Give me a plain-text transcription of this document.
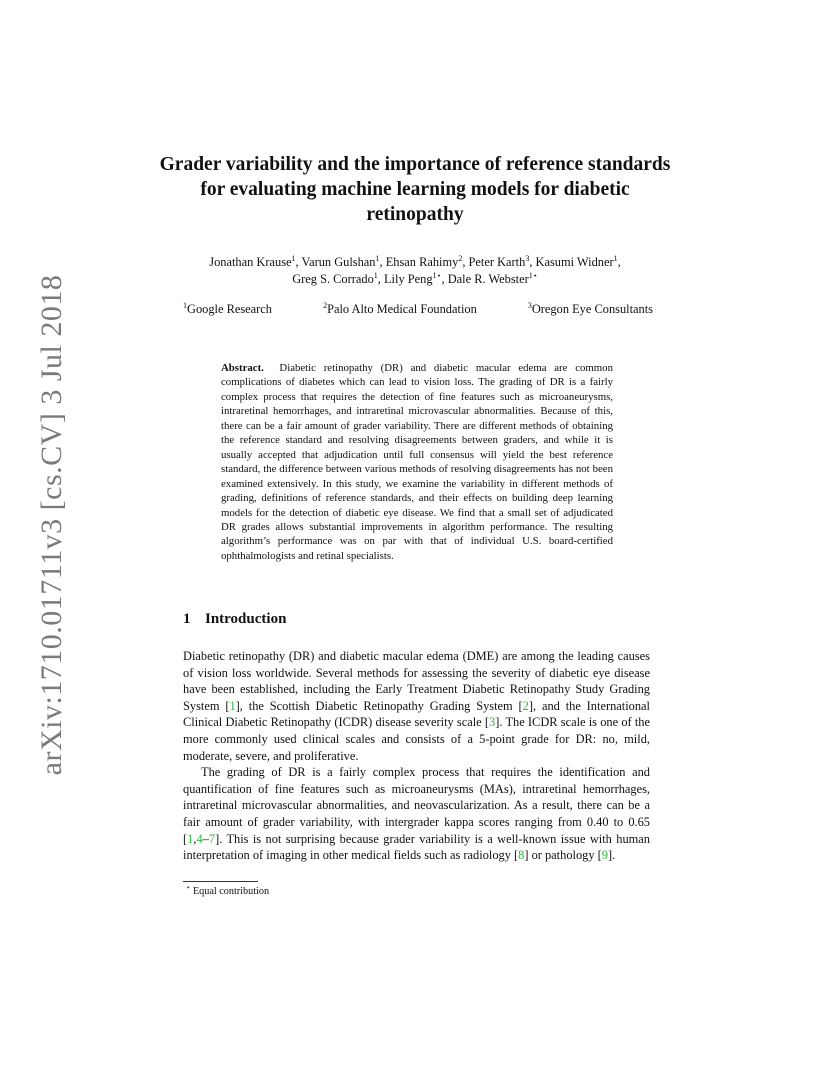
arXiv:1710.01711v3 [cs.CV] 3 Jul 2018
Grader variability and the importance of reference standards for evaluating machine learning models for diabetic retinopathy
Jonathan Krause$^1$, Varun Gulshan$^1$, Ehsan Rahimy$^2$, Peter Karth$^3$, Kasumi Widner$^1$,
Greg S. Corrado$^1$, Lily Peng$^{1⋆}$, Dale R. Webster$^{1⋆}$
$^1$Google Research	$^2$Palo Alto Medical Foundation	$^3$Oregon Eye Consultants
Abstract. Diabetic retinopathy (DR) and diabetic macular edema are common complications of diabetes which can lead to vision loss. The grading of DR is a fairly complex process that requires the detection of fine features such as microaneurysms, intraretinal hemorrhages, and intraretinal microvascular abnormalities. Because of this, there can be a fair amount of grader variability. There are different methods of obtaining the reference standard and resolving disagreements between graders, and while it is usually accepted that adjudication until full consensus will yield the best reference standard, the difference between various methods of resolving disagreements has not been examined extensively. In this study, we examine the variability in different methods of grading, definitions of reference standards, and their effects on building deep learning models for the detection of diabetic eye disease. We find that a small set of adjudicated DR grades allows substantial improvements in algorithm performance. The resulting algorithm’s performance was on par with that of individual U.S. board-certified ophthalmologists and retinal specialists.
1 Introduction

Diabetic retinopathy (DR) and diabetic macular edema (DME) are among the leading causes of vision loss worldwide. Several methods for assessing the severity of diabetic eye disease have been established, including the Early Treatment Diabetic Retinopathy Study Grading System [1], the Scottish Diabetic Retinopathy Grading System [2], and the International Clinical Diabetic Retinopathy (ICDR) disease severity scale [3]. The ICDR scale is one of the more commonly used clinical scales and consists of a 5-point grade for DR: no, mild, moderate, severe, and proliferative.

The grading of DR is a fairly complex process that requires the identification and quantification of fine features such as microaneurysms (MAs), intraretinal hemorrhages, intraretinal microvascular abnormalities, and neovascularization. As a result, there can be a fair amount of grader variability, with intergrader kappa scores ranging from 0.40 to 0.65 [1,4–7]. This is not surprising because grader variability is a well-known issue with human interpretation of imaging in other medical fields such as radiology [8] or pathology [9].

⋆ Equal contribution
